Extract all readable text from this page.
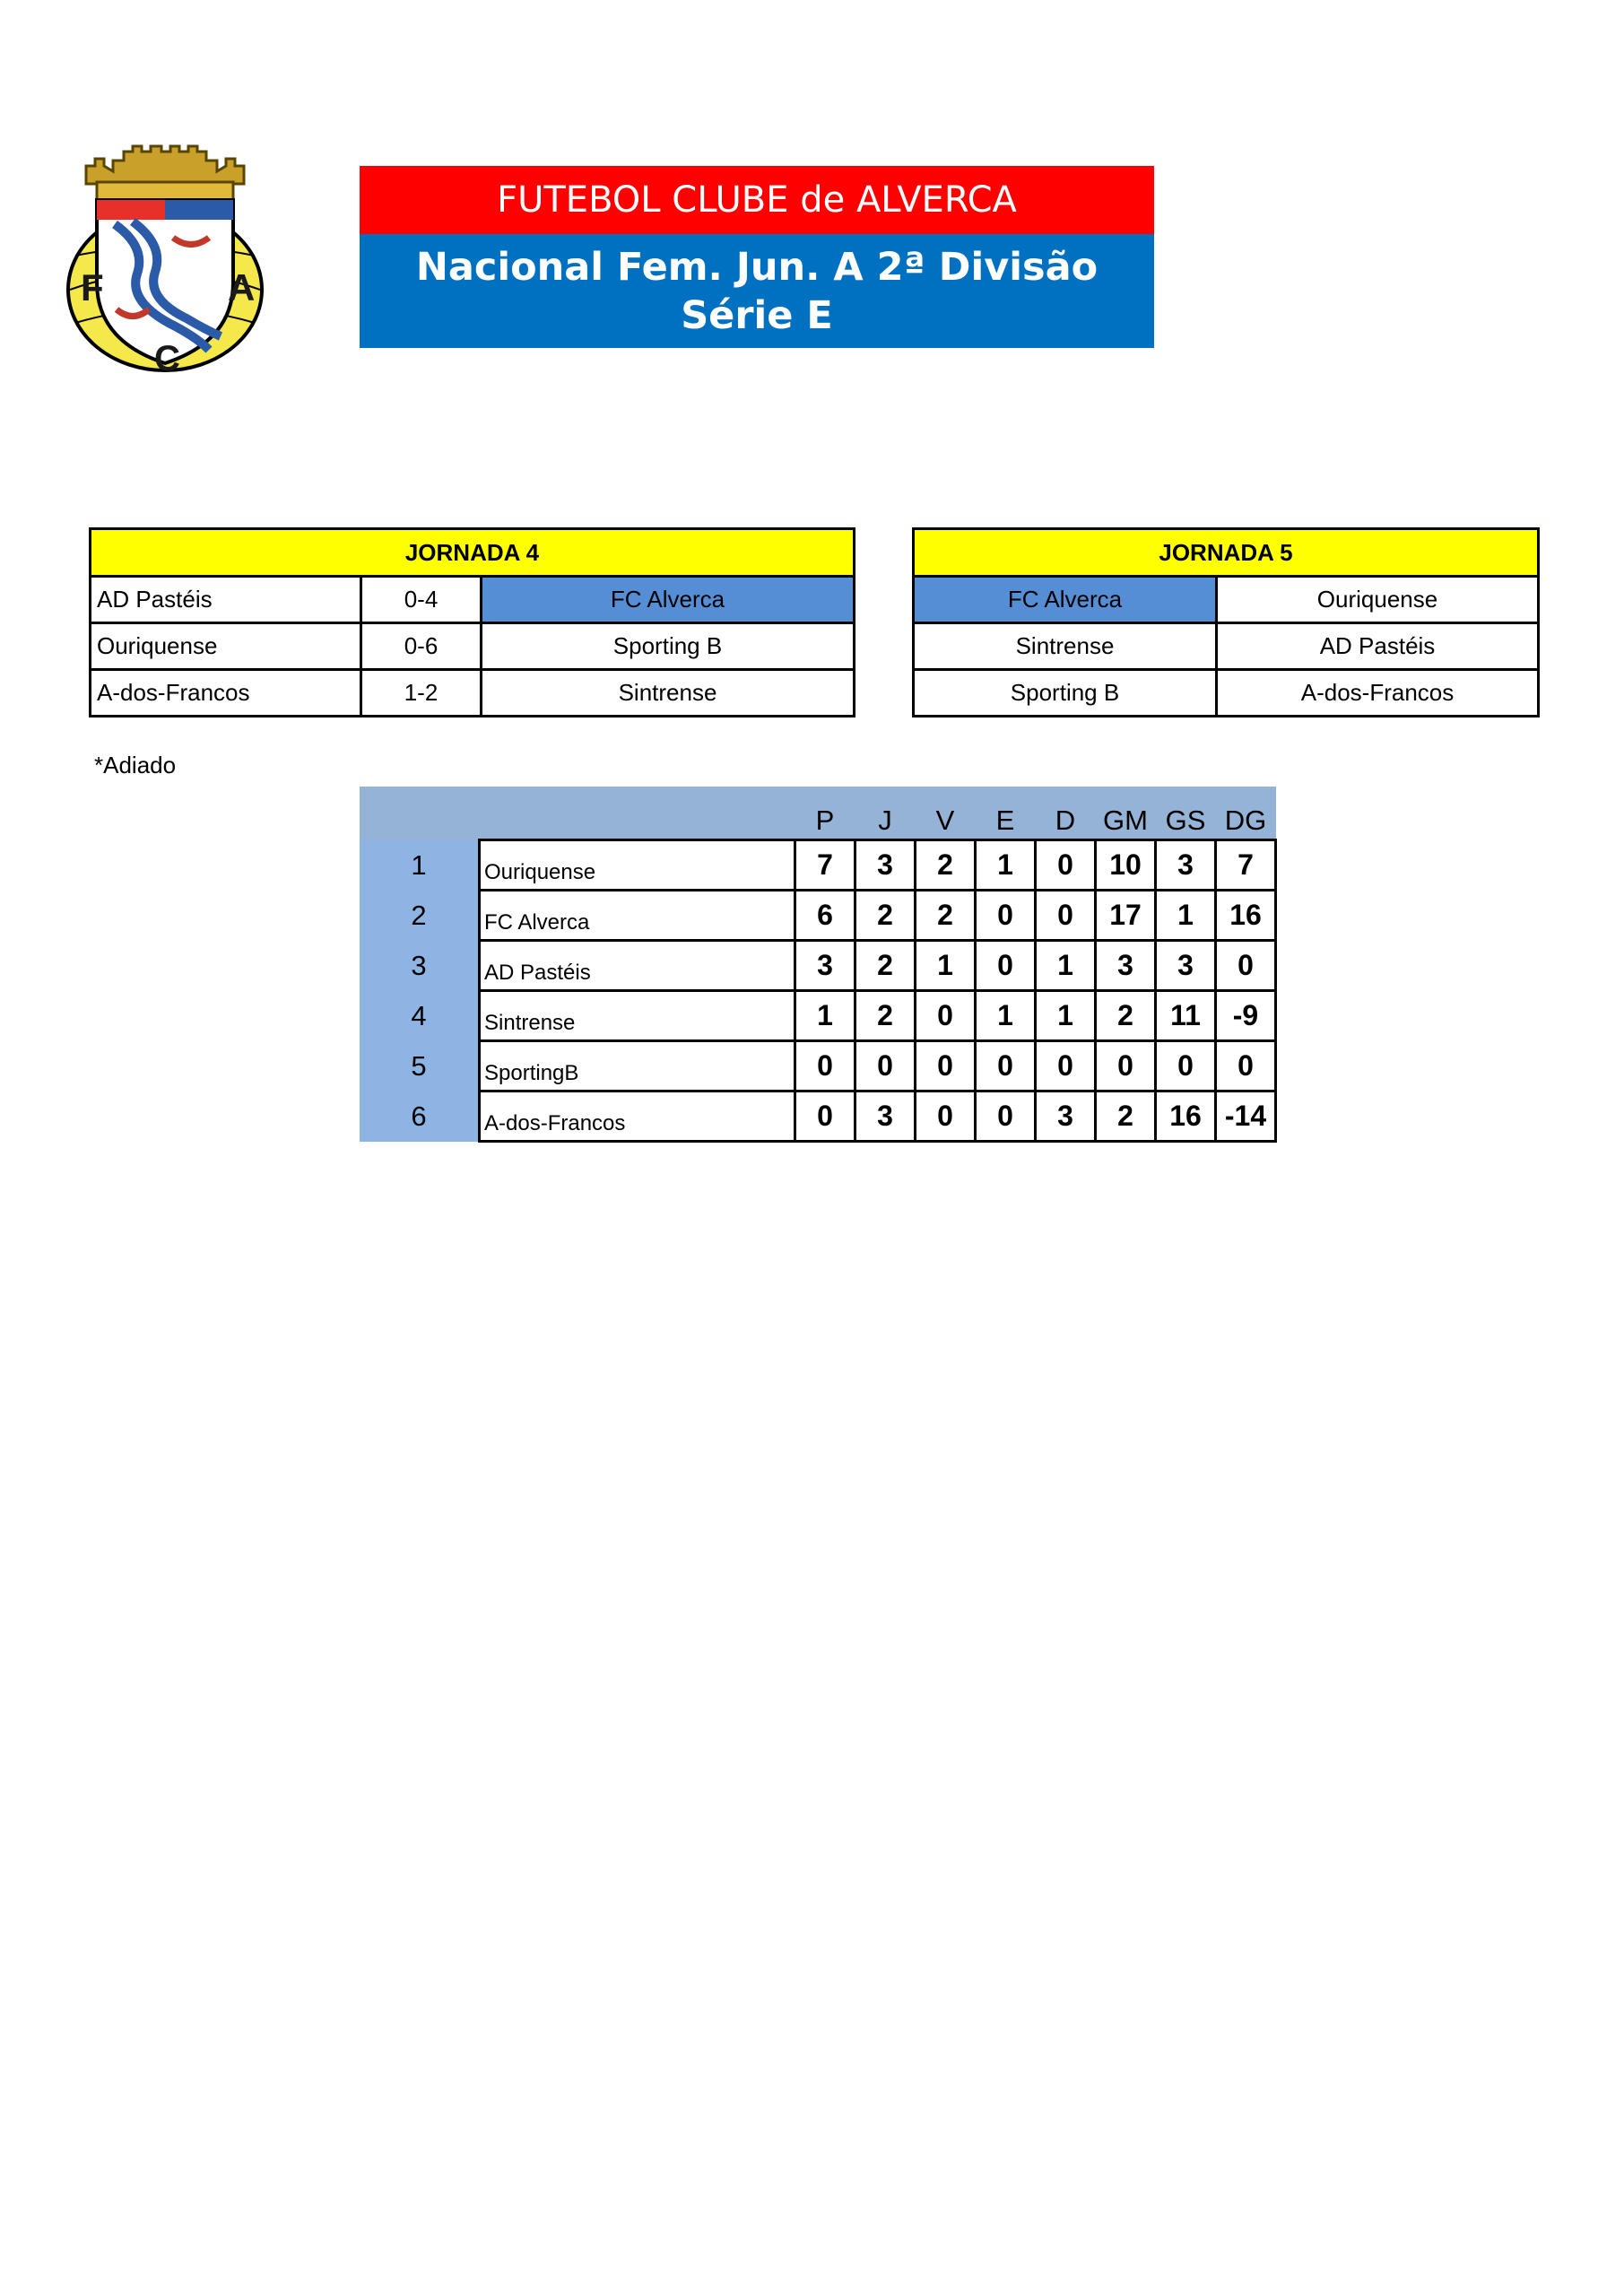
F	A
C
FUTEBOL CLUBE de ALVERCA
Nacional Fem. Jun. A 2ª Divisão
Série E
JORNADA 4		
AD Pastéis	0-4	FC Alverca
Ouriquense	0-6	Sporting B
A-dos-Francos	1-2	Sintrense
JORNADA 5	
FC Alverca	Ouriquense
Sintrense	AD Pastéis
Sporting B	A-dos-Francos
*Adiado
		P	J	V	E	D	GM	GS	DG
1	Ouriquense	7	3	2	1	0	10	3	7
2	FC Alverca	6	2	2	0	0	17	1	16
3	AD Pastéis	3	2	1	0	1	3	3	0
4	Sintrense	1	2	0	1	1	2	11	-9
5	SportingB	0	0	0	0	0	0	0	0
6	A-dos-Francos	0	3	0	0	3	2	16	-14
